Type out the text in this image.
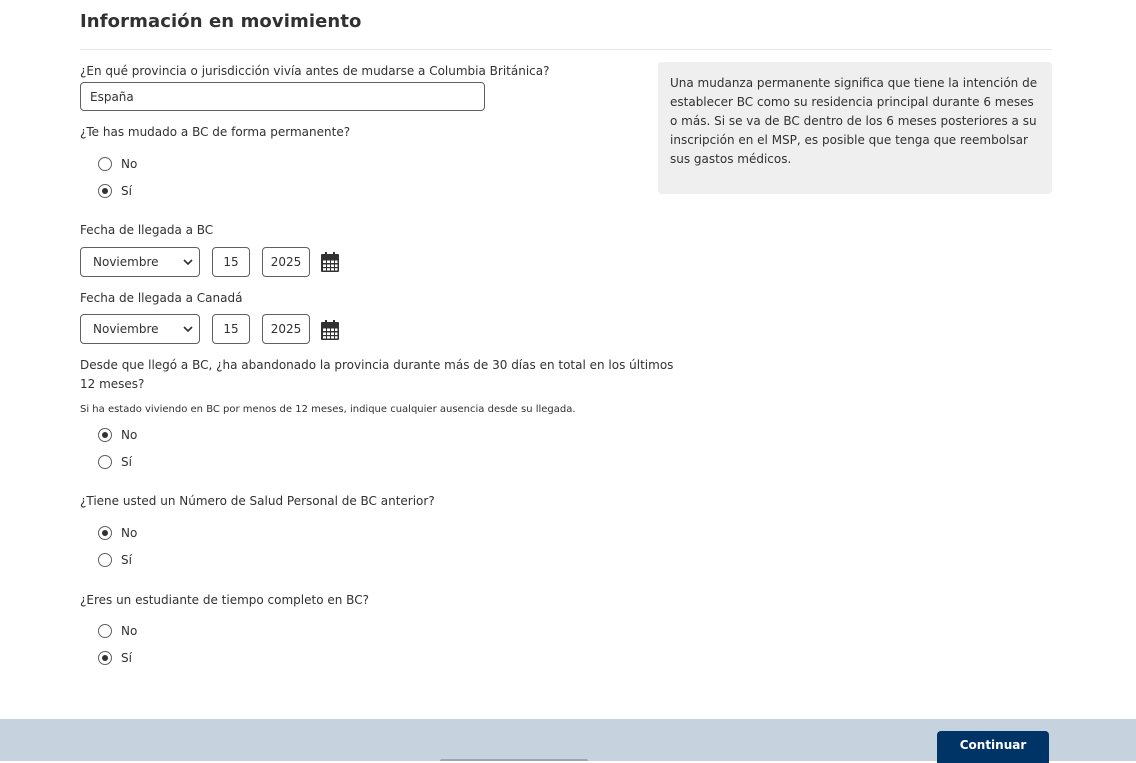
Información en movimiento
¿En qué provincia o jurisdicción vivía antes de mudarse a Columbia Británica?
España
¿Te has mudado a BC de forma permanente?
No
Sí
Una mudanza permanente significa que tiene la intención de establecer BC como su residencia principal durante 6 meses o más. Si se va de BC dentro de los 6 meses posteriores a su inscripción en el MSP, es posible que tenga que reembolsar sus gastos médicos.
Fecha de llegada a BC
Noviembre	15	2025
Fecha de llegada a Canadá
Noviembre	15	2025
Desde que llegó a BC, ¿ha abandonado la provincia durante más de 30 días en total en los últimos
12 meses?
Si ha estado viviendo en BC por menos de 12 meses, indique cualquier ausencia desde su llegada.
No
Sí
¿Tiene usted un Número de Salud Personal de BC anterior?
No
Sí
¿Eres un estudiante de tiempo completo en BC?
No
Sí
Continuar
